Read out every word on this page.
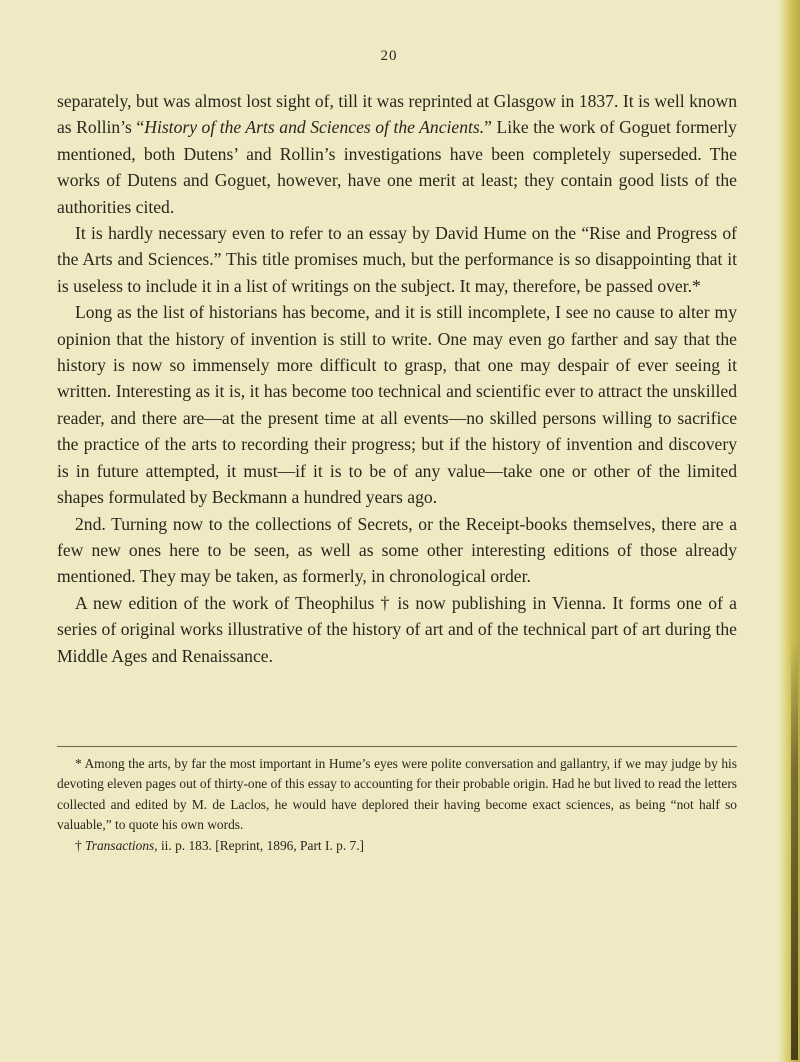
20

separately, but was almost lost sight of, till it was reprinted at Glasgow in 1837. It is well known as Rollin’s “History of the Arts and Sciences of the Ancients.” Like the work of Goguet formerly mentioned, both Dutens’ and Rollin’s investigations have been completely superseded. The works of Dutens and Goguet, however, have one merit at least; they contain good lists of the authorities cited.

It is hardly necessary even to refer to an essay by David Hume on the “Rise and Progress of the Arts and Sciences.” This title promises much, but the performance is so disappointing that it is useless to include it in a list of writings on the subject. It may, therefore, be passed over.*

Long as the list of historians has become, and it is still incomplete, I see no cause to alter my opinion that the history of invention is still to write. One may even go farther and say that the history is now so immensely more difficult to grasp, that one may despair of ever seeing it written. Interesting as it is, it has become too technical and scientific ever to attract the unskilled reader, and there are—at the present time at all events—no skilled persons willing to sacrifice the practice of the arts to recording their progress; but if the history of invention and discovery is in future attempted, it must—if it is to be of any value—take one or other of the limited shapes formulated by Beckmann a hundred years ago.

2nd. Turning now to the collections of Secrets, or the Receipt-books themselves, there are a few new ones here to be seen, as well as some other interesting editions of those already mentioned. They may be taken, as formerly, in chronological order.

A new edition of the work of Theophilus † is now publishing in Vienna. It forms one of a series of original works illustrative of the history of art and of the technical part of art during the Middle Ages and Renaissance.

* Among the arts, by far the most important in Hume’s eyes were polite conversation and gallantry, if we may judge by his devoting eleven pages out of thirty-one of this essay to accounting for their probable origin. Had he but lived to read the letters collected and edited by M. de Laclos, he would have deplored their having become exact sciences, as being “not half so valuable,” to quote his own words.

† Transactions, ii. p. 183. [Reprint, 1896, Part I. p. 7.]
